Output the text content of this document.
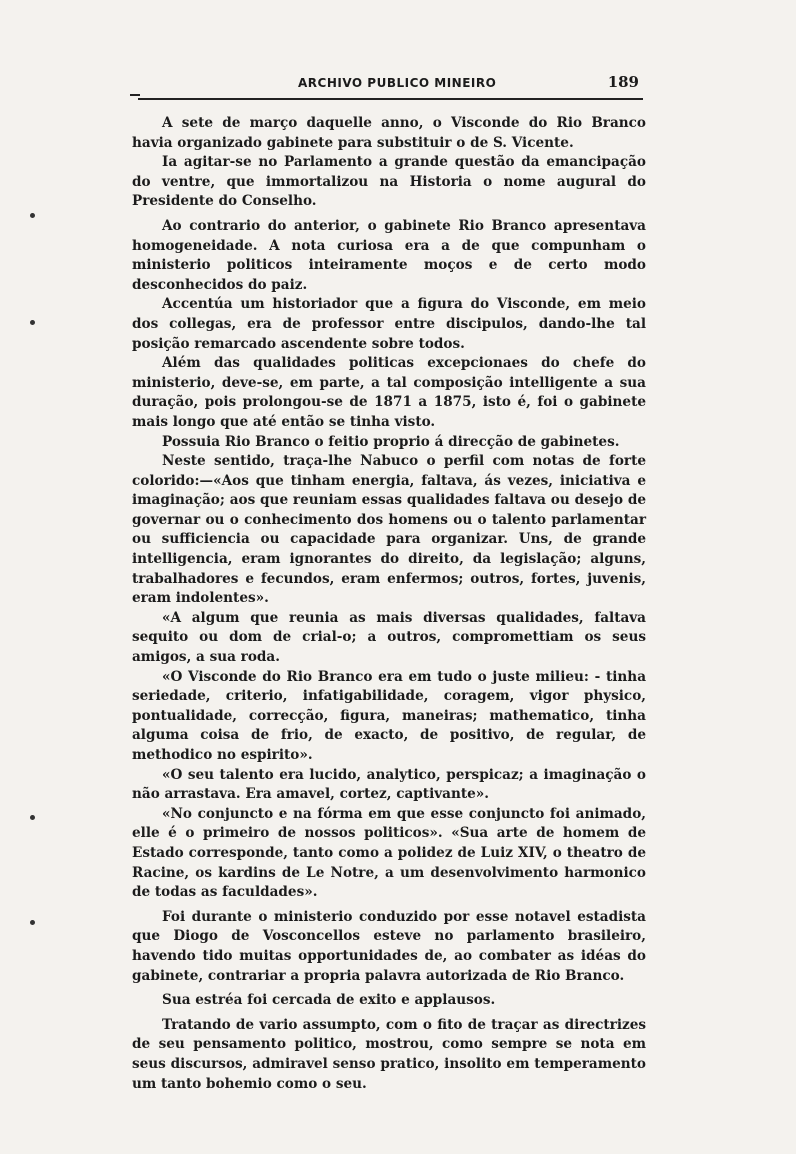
ARCHIVO PUBLICO MINEIRO	189

A sete de março daquelle anno, o Visconde do Rio Branco havia organizado gabinete para substituir o de S. Vicente.

Ia agitar-se no Parlamento a grande questão da emancipação do ventre, que immortalizou na Historia o nome augural do Presidente do Conselho.

Ao contrario do anterior, o gabinete Rio Branco apresentava homogeneidade. A nota curiosa era a de que compunham o ministerio politicos inteiramente moços e de certo modo desconhecidos do paiz.

Accentúa um historiador que a figura do Visconde, em meio dos collegas, era de professor entre discipulos, dando-lhe tal posição remarcado ascendente sobre todos.

Além das qualidades politicas excepcionaes do chefe do ministerio, deve-se, em parte, a tal composição intelligente a sua duração, pois prolongou-se de 1871 a 1875, isto é, foi o gabinete mais longo que até então se tinha visto.

Possuia Rio Branco o feitio proprio á direcção de gabinetes.

Neste sentido, traça-lhe Nabuco o perfil com notas de forte colorido:—«Aos que tinham energia, faltava, ás vezes, iniciativa e imaginação; aos que reuniam essas qualidades faltava ou desejo de governar ou o conhecimento dos homens ou o talento parlamentar ou sufficiencia ou capacidade para organizar. Uns, de grande intelligencia, eram ignorantes do direito, da legislação; alguns, trabalhadores e fecundos, eram enfermos; outros, fortes, juvenis, eram indolentes».

«A algum que reunia as mais diversas qualidades, faltava sequito ou dom de crial-o; a outros, compromettiam os seus amigos, a sua roda.

«O Visconde do Rio Branco era em tudo o juste milieu: - tinha seriedade, criterio, infatigabilidade, coragem, vigor physico, pontualidade, correcção, figura, maneiras; mathematico, tinha alguma coisa de frio, de exacto, de positivo, de regular, de methodico no espirito».

«O seu talento era lucido, analytico, perspicaz; a imaginação o não arrastava. Era amavel, cortez, captivante».

«No conjuncto e na fórma em que esse conjuncto foi animado, elle é o primeiro de nossos politicos». «Sua arte de homem de Estado corresponde, tanto como a polidez de Luiz XIV, o theatro de Racine, os kardins de Le Notre, a um desenvolvimento harmonico de todas as faculdades».

Foi durante o ministerio conduzido por esse notavel estadista que Diogo de Vosconcellos esteve no parlamento brasileiro, havendo tido muitas opportunidades de, ao combater as idéas do gabinete, contrariar a propria palavra autorizada de Rio Branco.

Sua estréa foi cercada de exito e applausos.

Tratando de vario assumpto, com o fito de traçar as directrizes de seu pensamento politico, mostrou, como sempre se nota em seus discursos, admiravel senso pratico, insolito em temperamento um tanto bohemio como o seu.
